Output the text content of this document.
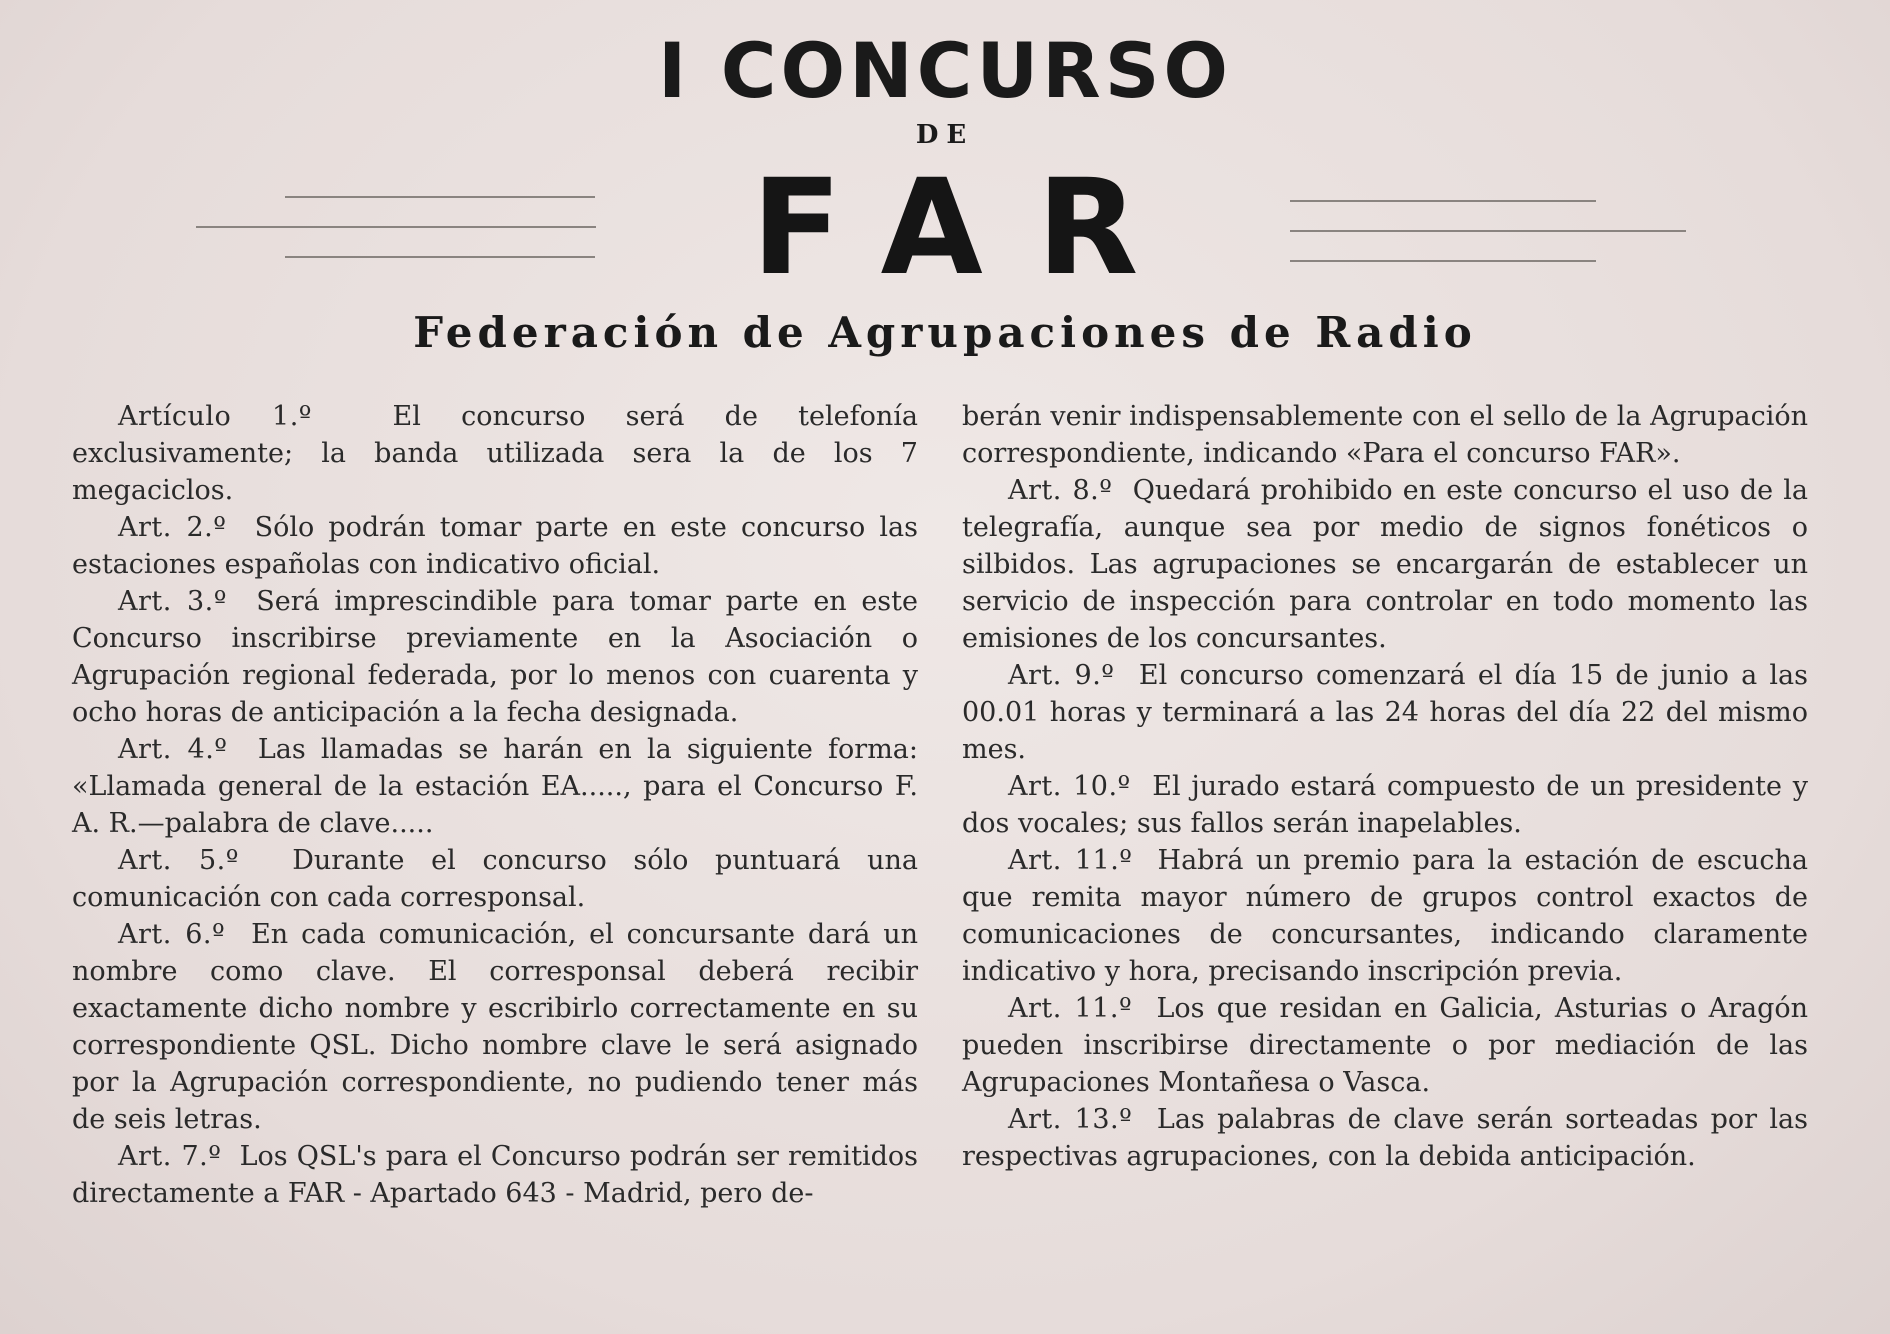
I CONCURSO
DE
FAR
Federación de Agrupaciones de Radio

Artículo 1.º	El concurso será de telefonía exclusivamente; la banda utilizada sera la de los 7 megaciclos.

Art. 2.º Sólo podrán tomar parte en este concurso las estaciones españolas con indicativo oficial.

Art. 3.º Será imprescindible para tomar parte en este Concurso inscribirse previamente en la Asociación o Agrupación regional federada, por lo menos con cuarenta y ocho horas de anticipación a la fecha designada.

Art. 4.º Las llamadas se harán en la siguiente forma: «Llamada general de la estación EA....., para el Concurso F. A. R.—palabra de clave.....

Art. 5.º Durante el concurso sólo puntuará una comunicación con cada corresponsal.

Art. 6.º En cada comunicación, el concursante dará un nombre como clave. El corresponsal deberá recibir exactamente dicho nombre y escribirlo correctamente en su correspondiente QSL. Dicho nombre clave le será asignado por la Agrupación correspondiente, no pudiendo tener más de seis letras.

Art. 7.º Los QSL's para el Concurso podrán ser remitidos directamente a FAR - Apartado 643 - Madrid, pero de-

berán venir indispensablemente con el sello de la Agrupación correspondiente, indicando «Para el concurso FAR».

Art. 8.º Quedará prohibido en este concurso el uso de la telegrafía, aunque sea por medio de signos fonéticos o silbidos. Las agrupaciones se encargarán de establecer un servicio de inspección para controlar en todo momento las emisiones de los concursantes.

Art. 9.º El concurso comenzará el día 15 de junio a las 00.01 horas y terminará a las 24 horas del día 22 del mismo mes.

Art. 10.º El jurado estará compuesto de un presidente y dos vocales; sus fallos serán inapelables.

Art. 11.º Habrá un premio para la estación de escucha que remita mayor número de grupos control exactos de comunicaciones de concursantes, indicando claramente indicativo y hora, precisando inscripción previa.

Art. 11.º Los que residan en Galicia, Asturias o Aragón pueden inscribirse directamente o por mediación de las Agrupaciones Montañesa o Vasca.

Art. 13.º Las palabras de clave serán sorteadas por las respectivas agrupaciones, con la debida anticipación.
